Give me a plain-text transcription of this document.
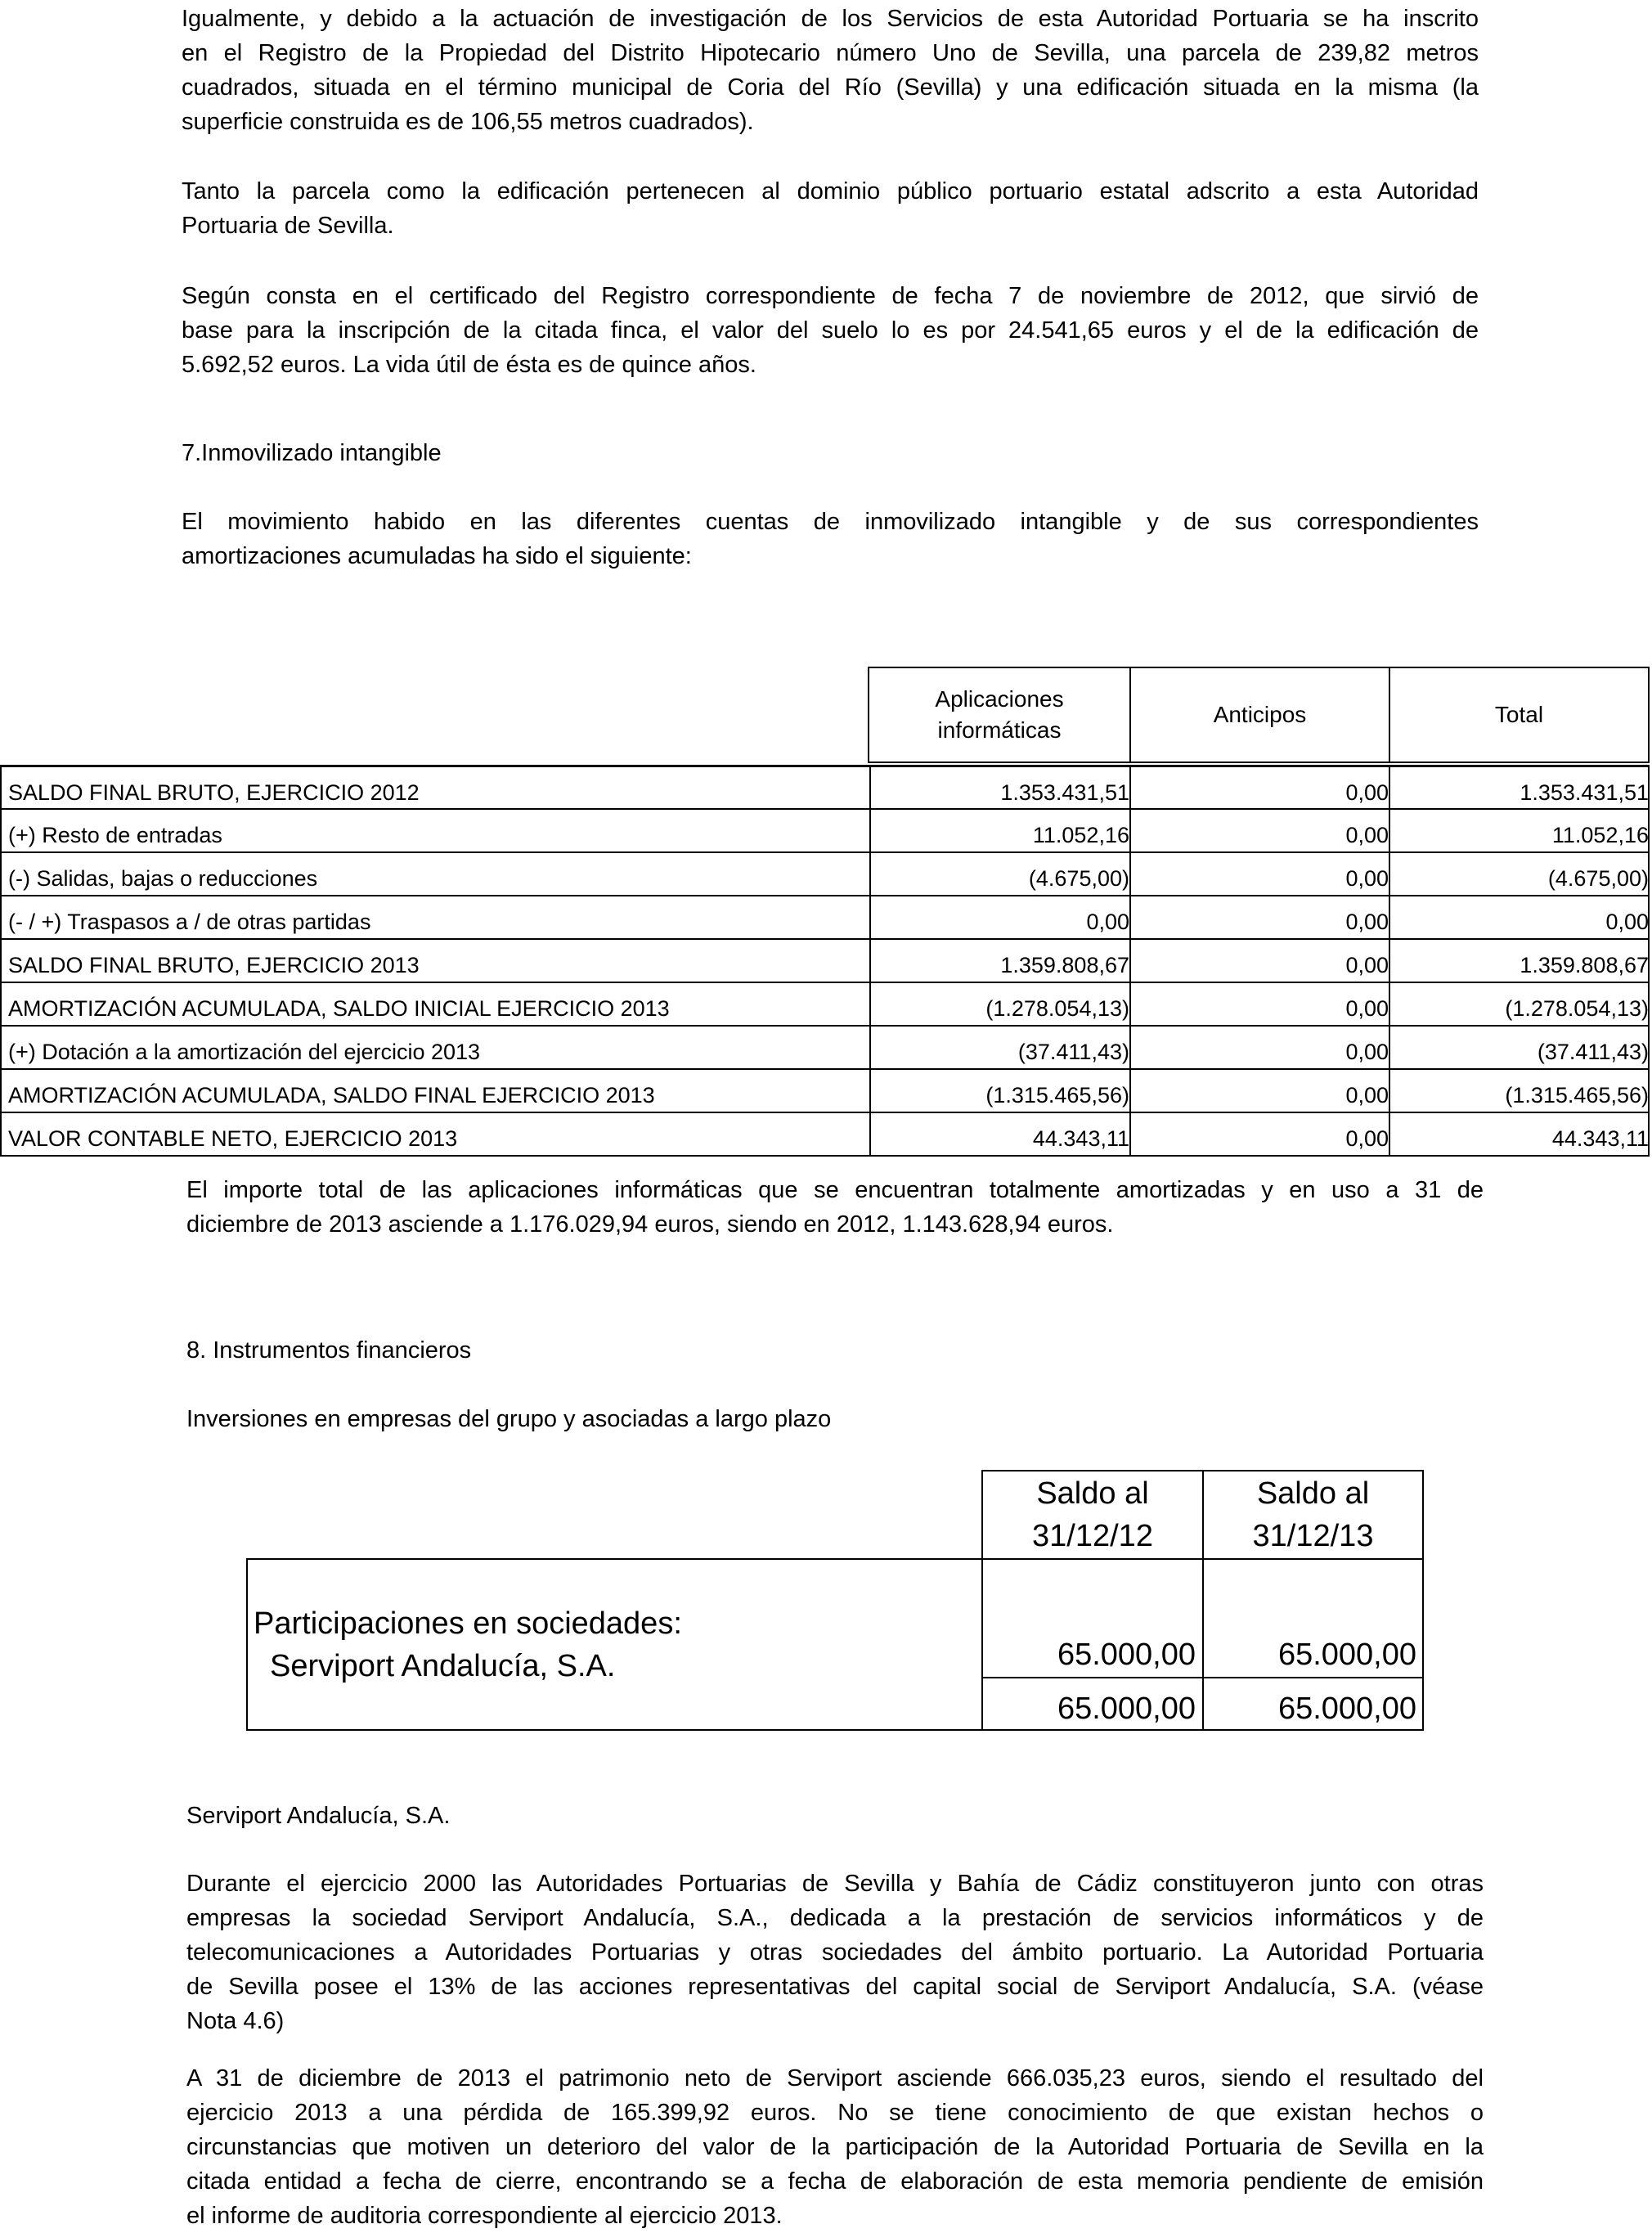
Igualmente, y debido a la actuación de investigación de los Servicios de esta Autoridad Portuaria se ha inscrito
en el Registro de la Propiedad del Distrito Hipotecario número Uno de Sevilla, una parcela de 239,82 metros
cuadrados, situada en el término municipal de Coria del Río (Sevilla) y una edificación situada en la misma (la
superficie construida es de 106,55 metros cuadrados).
Tanto la parcela como la edificación pertenecen al dominio público portuario estatal adscrito a esta Autoridad
Portuaria de Sevilla.
Según consta en el certificado del Registro correspondiente de fecha 7 de noviembre de 2012, que sirvió de
base para la inscripción de la citada finca, el valor del suelo lo es por 24.541,65 euros y el de la edificación de
5.692,52 euros. La vida útil de ésta es de quince años.
7.Inmovilizado intangible
El movimiento habido en las diferentes cuentas de inmovilizado intangible y de sus correspondientes
amortizaciones acumuladas ha sido el siguiente:
Aplicaciones
informáticas
Anticipos	Total
SALDO FINAL BRUTO, EJERCICIO 2012	1.353.431,51	0,00	1.353.431,51
(+) Resto de entradas	11.052,16	0,00	11.052,16
(-) Salidas, bajas o reducciones	(4.675,00)	0,00	(4.675,00)
(- / +) Traspasos a / de otras partidas	0,00	0,00	0,00
SALDO FINAL BRUTO, EJERCICIO 2013	1.359.808,67	0,00	1.359.808,67
AMORTIZACIÓN ACUMULADA, SALDO INICIAL EJERCICIO 2013	(1.278.054,13)	0,00	(1.278.054,13)
(+) Dotación a la amortización del ejercicio 2013	(37.411,43)	0,00	(37.411,43)
AMORTIZACIÓN ACUMULADA, SALDO FINAL EJERCICIO 2013	(1.315.465,56)	0,00	(1.315.465,56)
VALOR CONTABLE NETO, EJERCICIO 2013	44.343,11	0,00	44.343,11
El importe total de las aplicaciones informáticas que se encuentran totalmente amortizadas y en uso a 31 de
diciembre de 2013 asciende a 1.176.029,94 euros, siendo en 2012, 1.143.628,94 euros.
8. Instrumentos financieros
Inversiones en empresas del grupo y asociadas a largo plazo
Saldo al
31/12/12
Saldo al
31/12/13
Participaciones en sociedades:
Serviport Andalucía, S.A.	65.000,00	65.000,00
65.000,00	65.000,00
Serviport Andalucía, S.A.
Durante el ejercicio 2000 las Autoridades Portuarias de Sevilla y Bahía de Cádiz constituyeron junto con otras
empresas la sociedad Serviport Andalucía, S.A., dedicada a la prestación de servicios informáticos y de
telecomunicaciones a Autoridades Portuarias y otras sociedades del ámbito portuario. La Autoridad Portuaria
de Sevilla posee el 13% de las acciones representativas del capital social de Serviport Andalucía, S.A. (véase
Nota 4.6)
A 31 de diciembre de 2013 el patrimonio neto de Serviport asciende 666.035,23 euros, siendo el resultado del
ejercicio 2013 a una pérdida de 165.399,92 euros. No se tiene conocimiento de que existan hechos o
circunstancias que motiven un deterioro del valor de la participación de la Autoridad Portuaria de Sevilla en la
citada entidad a fecha de cierre, encontrando se a fecha de elaboración de esta memoria pendiente de emisión
el informe de auditoria correspondiente al ejercicio 2013.
